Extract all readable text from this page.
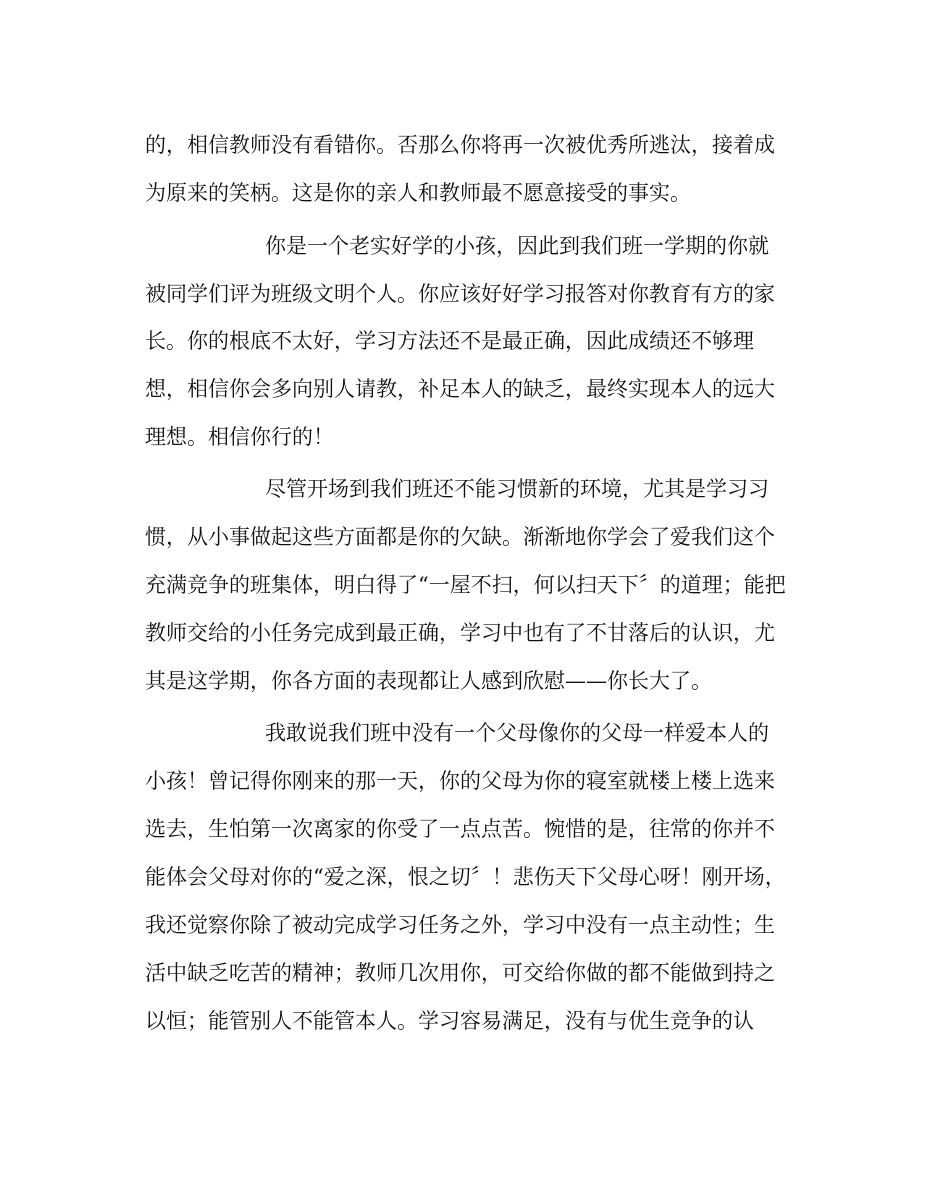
的，相信教师没有看错你。否那么你将再一次被优秀所逃汰，接着成
为原来的笑柄。这是你的亲人和教师最不愿意接受的事实。
你是一个老实好学的小孩，因此到我们班一学期的你就
被同学们评为班级文明个人。你应该好好学习报答对你教育有方的家
长。你的根底不太好，学习方法还不是最正确，因此成绩还不够理
想，相信你会多向别人请教，补足本人的缺乏，最终实现本人的远大
理想。相信你行的！
尽管开场到我们班还不能习惯新的环境，尤其是学习习
惯，从小事做起这些方面都是你的欠缺。渐渐地你学会了爱我们这个
充满竞争的班集体，明白得了“一屋不扫，何以扫天下〞的道理；能把
教师交给的小任务完成到最正确，学习中也有了不甘落后的认识，尤
其是这学期，你各方面的表现都让人感到欣慰——你长大了。
我敢说我们班中没有一个父母像你的父母一样爱本人的
小孩！曾记得你刚来的那一天，你的父母为你的寝室就楼上楼上选来
选去，生怕第一次离家的你受了一点点苦。惋惜的是，往常的你并不
能体会父母对你的“爱之深，恨之切〞！悲伤天下父母心呀！刚开场，
我还觉察你除了被动完成学习任务之外，学习中没有一点主动性；生
活中缺乏吃苦的精神；教师几次用你，可交给你做的都不能做到持之
以恒；能管别人不能管本人。学习容易满足，没有与优生竞争的认
